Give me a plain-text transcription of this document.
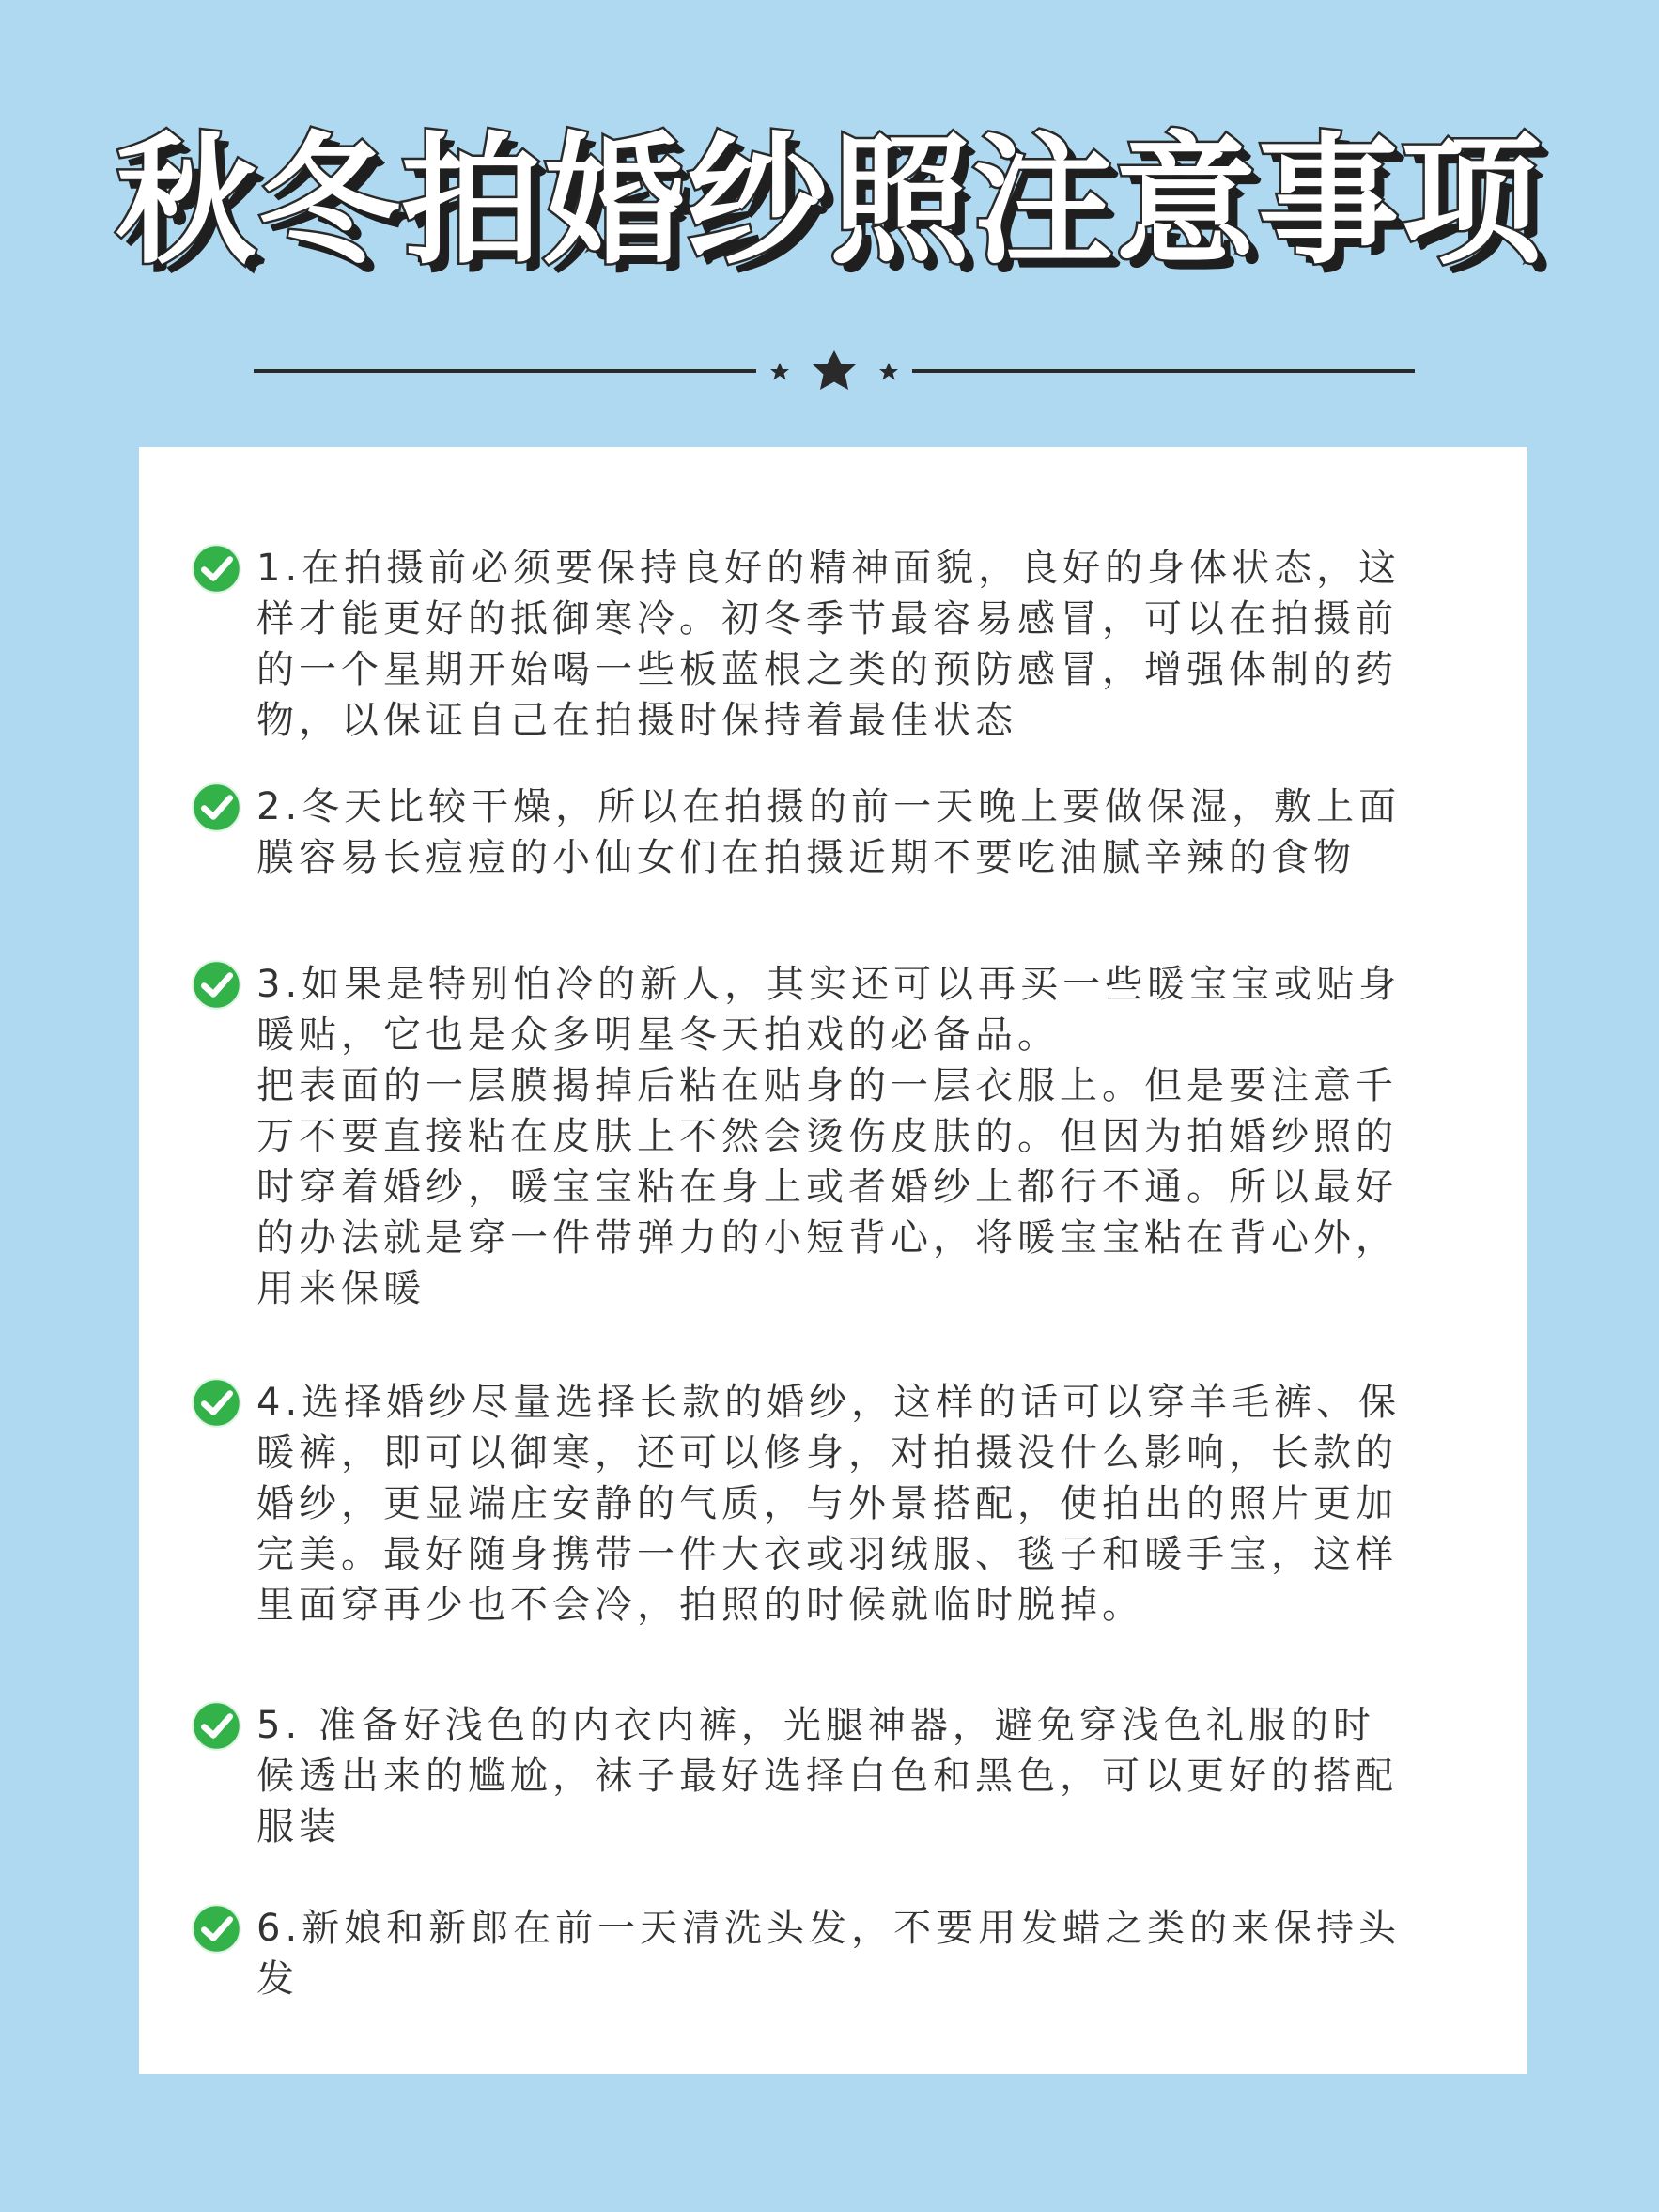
秋冬拍婚纱照注意事项

1.在拍摄前必须要保持良好的精神面貌，良好的身体状态，这
样才能更好的抵御寒冷。初冬季节最容易感冒，可以在拍摄前
的一个星期开始喝一些板蓝根之类的预防感冒，增强体制的药
物，以保证自己在拍摄时保持着最佳状态

2.冬天比较干燥，所以在拍摄的前一天晚上要做保湿，敷上面
膜容易长痘痘的小仙女们在拍摄近期不要吃油腻辛辣的食物

3.如果是特别怕冷的新人，其实还可以再买一些暖宝宝或贴身
暖贴，它也是众多明星冬天拍戏的必备品。
把表面的一层膜揭掉后粘在贴身的一层衣服上。但是要注意千
万不要直接粘在皮肤上不然会烫伤皮肤的。但因为拍婚纱照的
时穿着婚纱，暖宝宝粘在身上或者婚纱上都行不通。所以最好
的办法就是穿一件带弹力的小短背心，将暖宝宝粘在背心外，
用来保暖

4.选择婚纱尽量选择长款的婚纱，这样的话可以穿羊毛裤、保
暖裤，即可以御寒，还可以修身，对拍摄没什么影响，长款的
婚纱，更显端庄安静的气质，与外景搭配，使拍出的照片更加
完美。最好随身携带一件大衣或羽绒服、毯子和暖手宝，这样
里面穿再少也不会冷，拍照的时候就临时脱掉。

5. 准备好浅色的内衣内裤，光腿神器，避免穿浅色礼服的时
候透出来的尴尬，袜子最好选择白色和黑色，可以更好的搭配
服装

6.新娘和新郎在前一天清洗头发，不要用发蜡之类的来保持头
发
